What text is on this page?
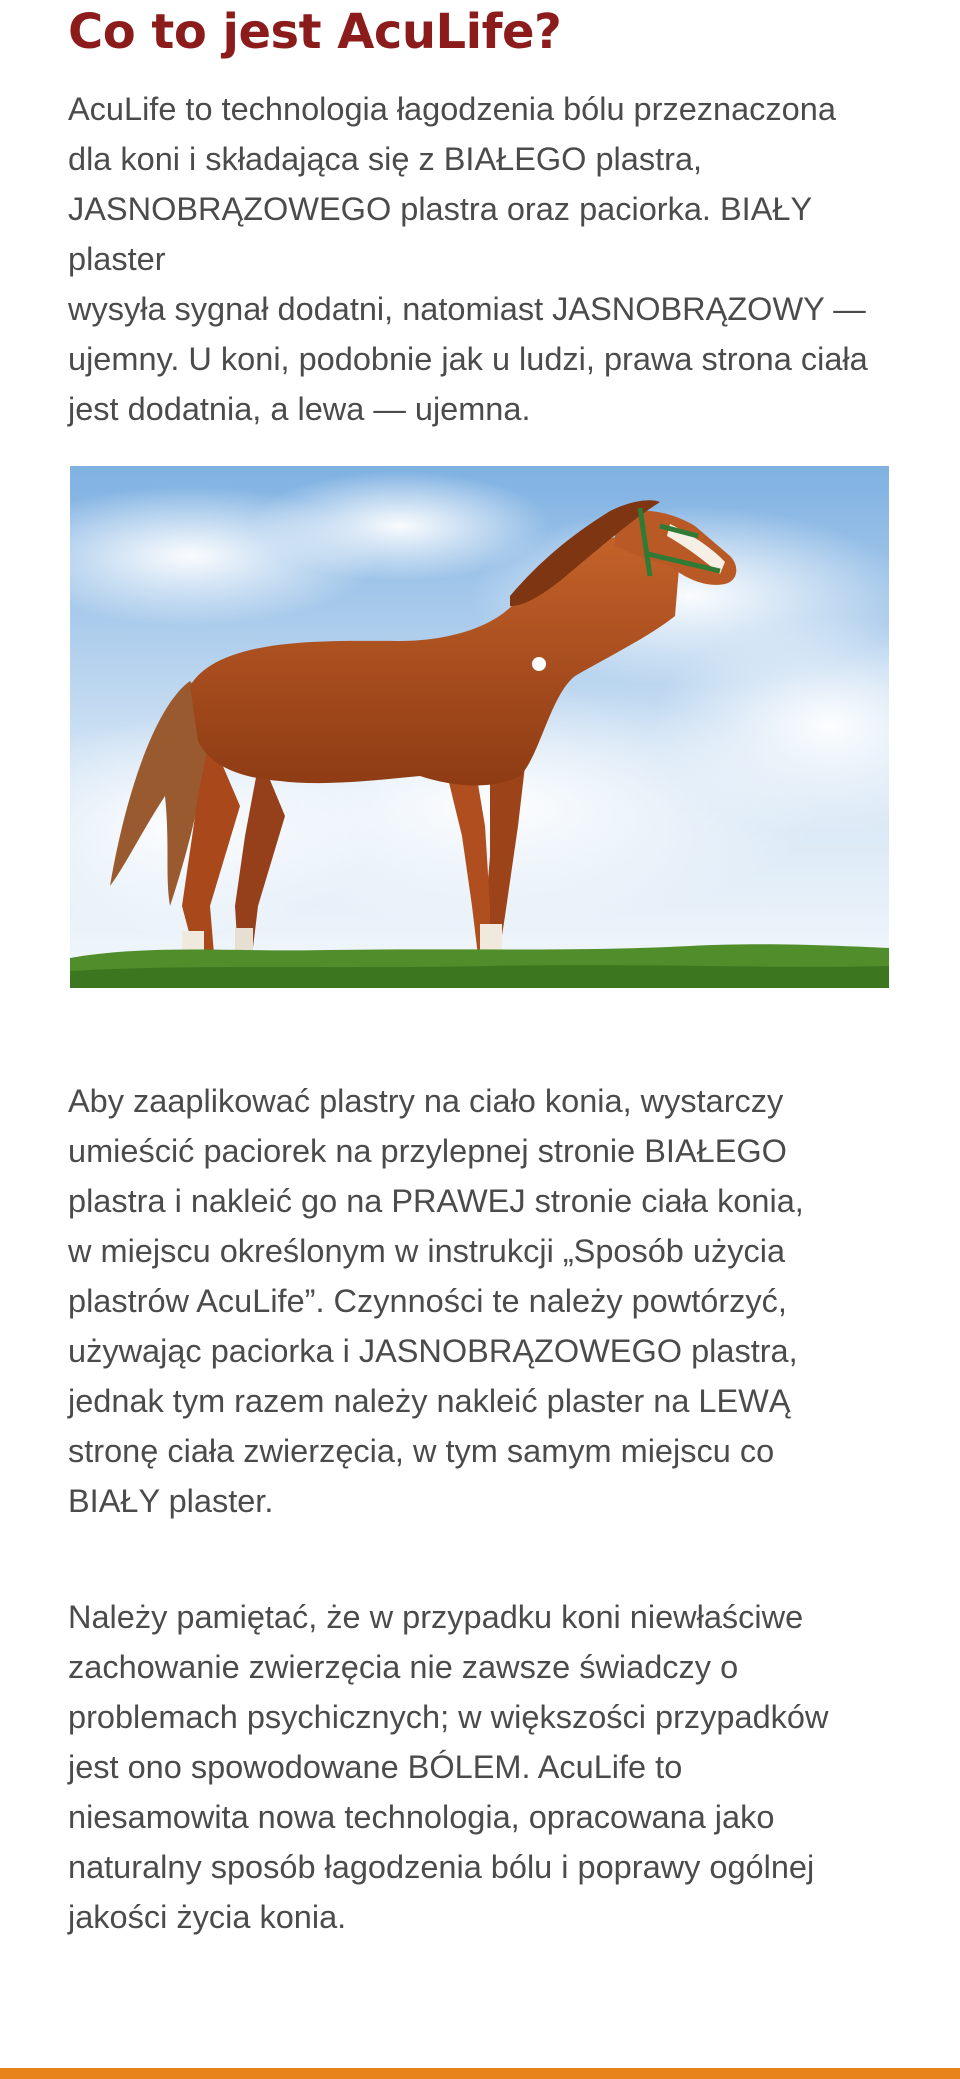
Co to jest AcuLife?

AcuLife to technologia łagodzenia bólu przeznaczona
dla koni i składająca się z BIAŁEGO plastra,
JASNOBRĄZOWEGO plastra oraz paciorka. BIAŁY plaster
wysyła sygnał dodatni, natomiast JASNOBRĄZOWY —
ujemny. U koni, podobnie jak u ludzi, prawa strona ciała
jest dodatnia, a lewa — ujemna.

Aby zaaplikować plastry na ciało konia, wystarczy
umieścić paciorek na przylepnej stronie BIAŁEGO
plastra i nakleić go na PRAWEJ stronie ciała konia,
w miejscu określonym w instrukcji „Sposób użycia
plastrów AcuLife”. Czynności te należy powtórzyć,
używając paciorka i JASNOBRĄZOWEGO plastra,
jednak tym razem należy nakleić plaster na LEWĄ
stronę ciała zwierzęcia, w tym samym miejscu co
BIAŁY plaster.

Należy pamiętać, że w przypadku koni niewłaściwe
zachowanie zwierzęcia nie zawsze świadczy o
problemach psychicznych; w większości przypadków
jest ono spowodowane BÓLEM. AcuLife to
niesamowita nowa technologia, opracowana jako
naturalny sposób łagodzenia bólu i poprawy ogólnej
jakości życia konia.
